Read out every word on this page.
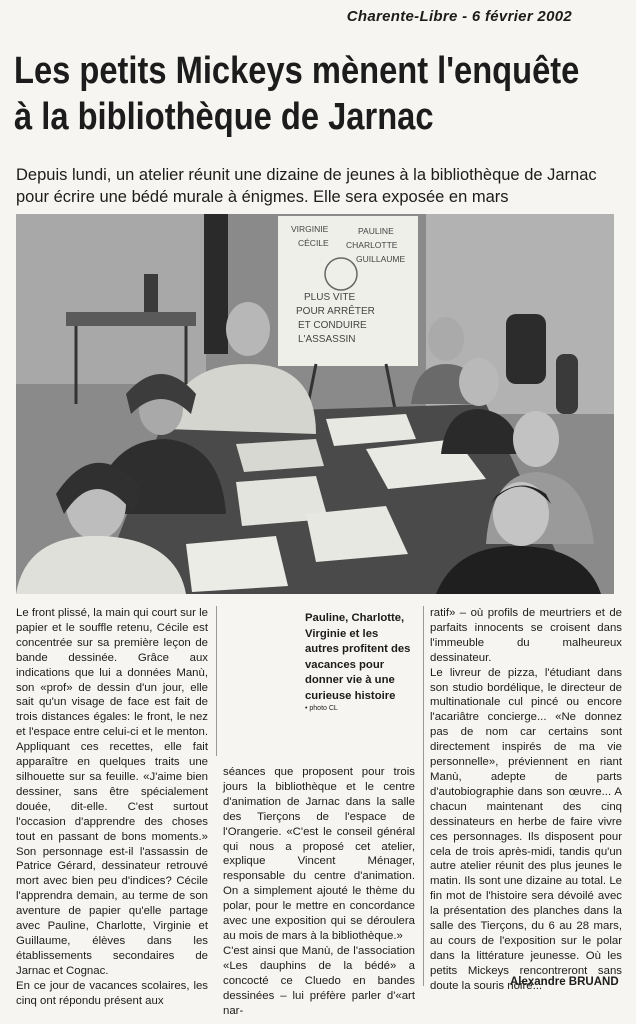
Charente-Libre - 6 février 2002
Les petits Mickeys mènent l'enquête
à la bibliothèque de Jarnac

Depuis lundi, un atelier réunit une dizaine de jeunes à la bibliothèque de Jarnac pour écrire une bédé murale à énigmes. Elle sera exposée en mars

VIRGINIE	PAULINE
CÉCILE CHARLOTTE
GUILLAUME
PLUS VITE
POUR ARRÊTER
ET CONDUIRE
L'ASSASSIN

Le front plissé, la main qui court sur le papier et le souffle retenu, Cécile est concentrée sur sa première leçon de bande dessinée. Grâce aux indications que lui a données Manù, son «prof» de dessin d'un jour, elle sait qu'un visage de face est fait de trois distances égales: le front, le nez et l'espace entre celui-ci et le menton. Appliquant ces recettes, elle fait apparaître en quelques traits une silhouette sur sa feuille. «J'aime bien dessiner, sans être spécialement douée, dit-elle. C'est surtout l'occasion d'apprendre des choses tout en passant de bons moments.» Son personnage est-il l'assassin de Patrice Gérard, dessinateur retrouvé mort avec bien peu d'indices? Cécile l'apprendra demain, au terme de son aventure de papier qu'elle partage avec Pauline, Charlotte, Virginie et Guillaume, élèves dans les établissements secondaires de Jarnac et Cognac.

En ce jour de vacances scolaires, les cinq ont répondu présent aux

Pauline, Charlotte, Virginie et les autres profitent des vacances pour donner vie à une curieuse histoire
• photo CL

séances que proposent pour trois jours la bibliothèque et le centre d'animation de Jarnac dans la salle des Tierçons de l'espace de l'Orangerie. «C'est le conseil général qui nous a proposé cet atelier, explique Vincent Ménager, responsable du centre d'animation. On a simplement ajouté le thème du polar, pour le mettre en concordance avec une exposition qui se déroulera au mois de mars à la bibliothèque.»

C'est ainsi que Manù, de l'association «Les dauphins de la bédé» a concocté ce Cluedo en bandes dessinées – lui préfère parler d'«art nar-

ratif» – où profils de meurtriers et de parfaits innocents se croisent dans l'immeuble du malheureux dessinateur.

Le livreur de pizza, l'étudiant dans son studio bordélique, le directeur de multinationale cul pincé ou encore l'acariâtre concierge... «Ne donnez pas de nom car certains sont directement inspirés de ma vie personnelle», préviennent en riant Manù, adepte de parts d'autobiographie dans son œuvre... A chacun maintenant des cinq dessinateurs en herbe de faire vivre ces personnages. Ils disposent pour cela de trois après-midi, tandis qu'un autre atelier réunit des plus jeunes le matin. Ils sont une dizaine au total. Le fin mot de l'histoire sera dévoilé avec la présentation des planches dans la salle des Tierçons, du 6 au 28 mars, au cours de l'exposition sur le polar dans la littérature jeunesse. Où les petits Mickeys rencontreront sans doute la souris noire...

Alexandre BRUAND
